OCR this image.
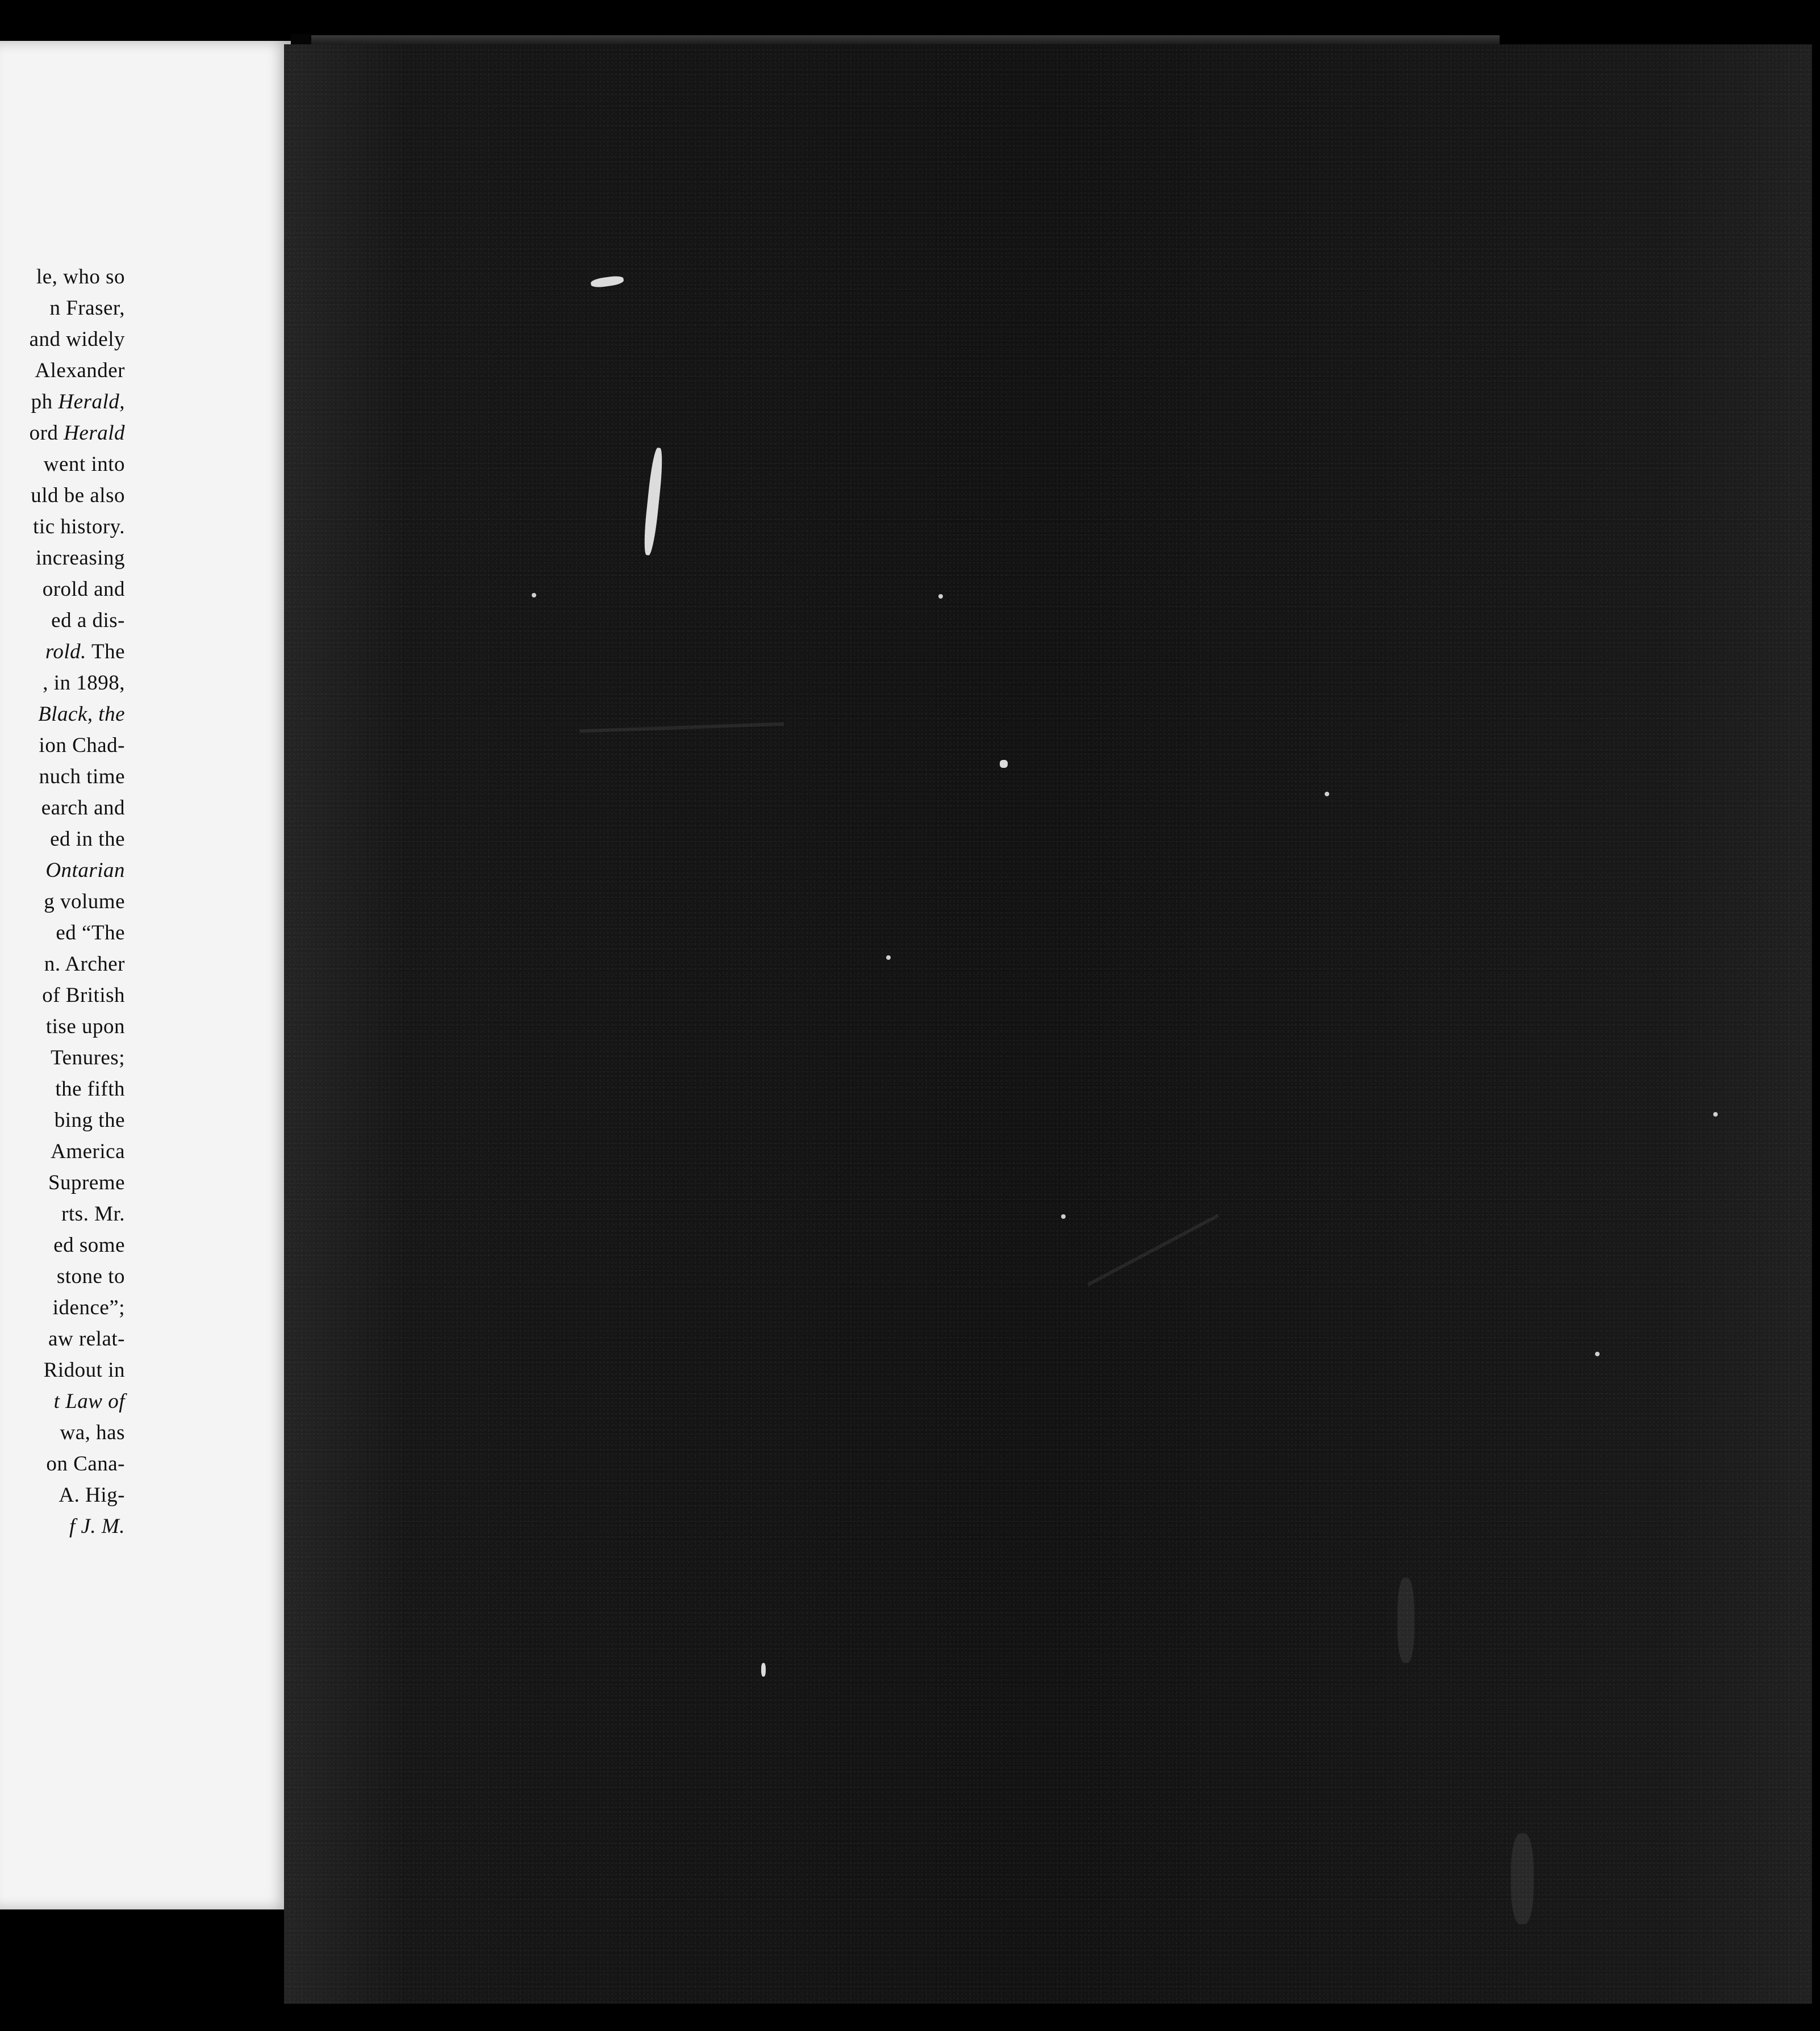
le, who so
n Fraser,
and widely
Alexander
ph Herald,
ord Herald
went into
uld be also
tic history.
increasing
orold and
ed a dis-
rold. The
, in 1898,
Black, the
ion Chad-
nuch time
earch and
ed in the
Ontarian
g volume
ed “The
n. Archer
of British
tise upon
Tenures;
the fifth
bing the
America
Supreme
rts. Mr.
ed some
stone to
idence”;
aw relat-
Ridout in
t Law of
wa, has
on Cana-
A. Hig-
f J. M.
